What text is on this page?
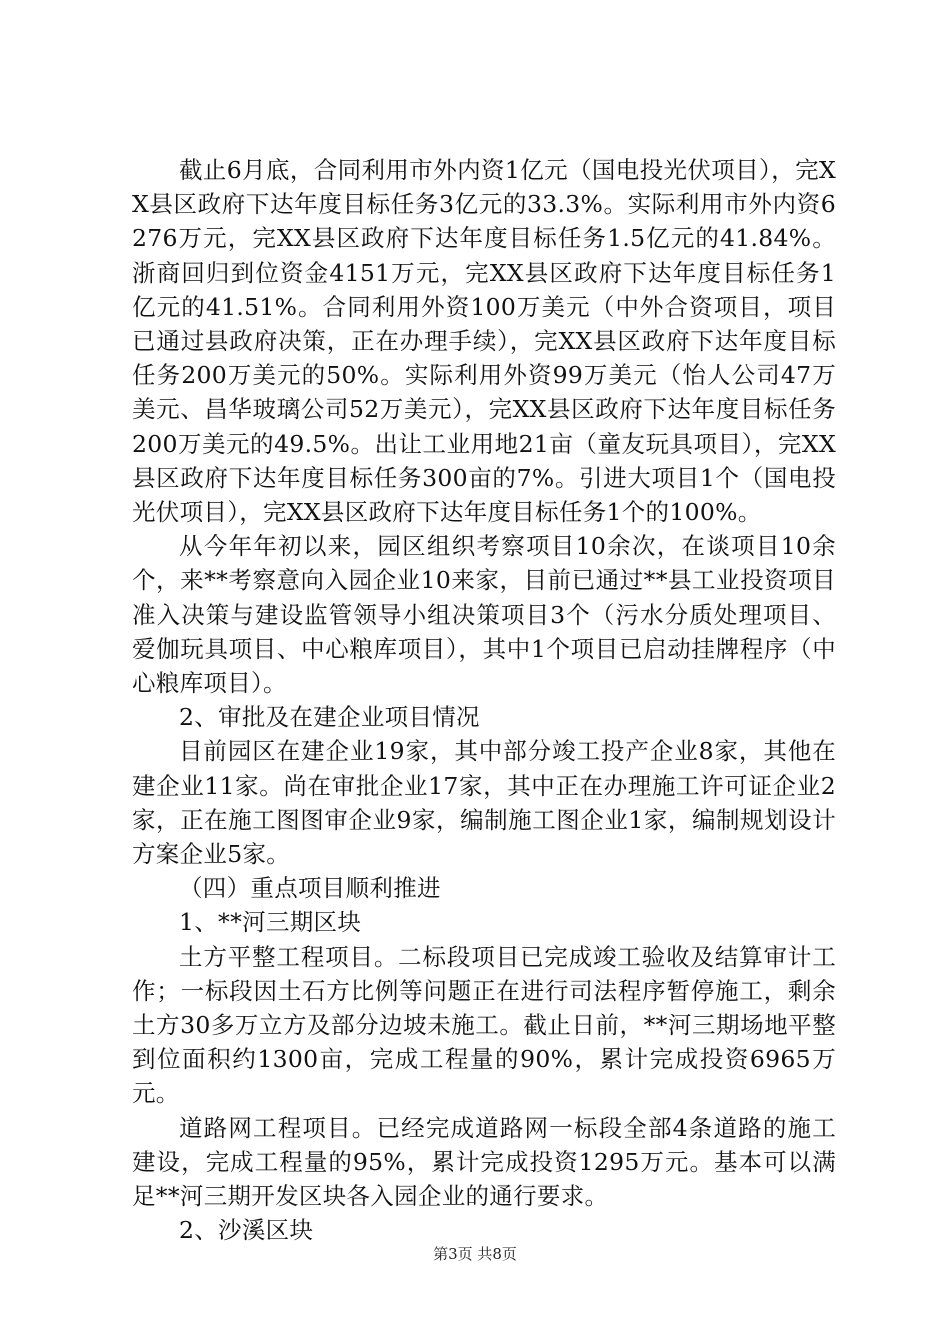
截止6月底，合同利用市外内资1亿元（国电投光伏项目），完XX县区政府下达年度目标任务3亿元的33.3%。实际利用市外内资6276万元，完XX县区政府下达年度目标任务1.5亿元的41.84%。浙商回归到位资金4151万元，完XX县区政府下达年度目标任务1亿元的41.51%。合同利用外资100万美元（中外合资项目，项目已通过县政府决策，正在办理手续），完XX县区政府下达年度目标任务200万美元的50%。实际利用外资99万美元（怡人公司47万美元、昌华玻璃公司52万美元），完XX县区政府下达年度目标任务200万美元的49.5%。出让工业用地21亩（童友玩具项目），完XX县区政府下达年度目标任务300亩的7%。引进大项目1个（国电投光伏项目），完XX县区政府下达年度目标任务1个的100%。

从今年年初以来，园区组织考察项目10余次，在谈项目10余个，来**考察意向入园企业10来家，目前已通过**县工业投资项目准入决策与建设监管领导小组决策项目3个（污水分质处理项目、爱伽玩具项目、中心粮库项目），其中1个项目已启动挂牌程序（中心粮库项目）。

2、审批及在建企业项目情况

目前园区在建企业19家，其中部分竣工投产企业8家，其他在建企业11家。尚在审批企业17家，其中正在办理施工许可证企业2家，正在施工图图审企业9家，编制施工图企业1家，编制规划设计方案企业5家。

（四）重点项目顺利推进

1、**河三期区块

土方平整工程项目。二标段项目已完成竣工验收及结算审计工作；一标段因土石方比例等问题正在进行司法程序暂停施工，剩余土方30多万立方及部分边坡未施工。截止日前，**河三期场地平整到位面积约1300亩，完成工程量的90%，累计完成投资6965万元。

道路网工程项目。已经完成道路网一标段全部4条道路的施工建设，完成工程量的95%，累计完成投资1295万元。基本可以满足**河三期开发区块各入园企业的通行要求。

2、沙溪区块

第3页 共8页
